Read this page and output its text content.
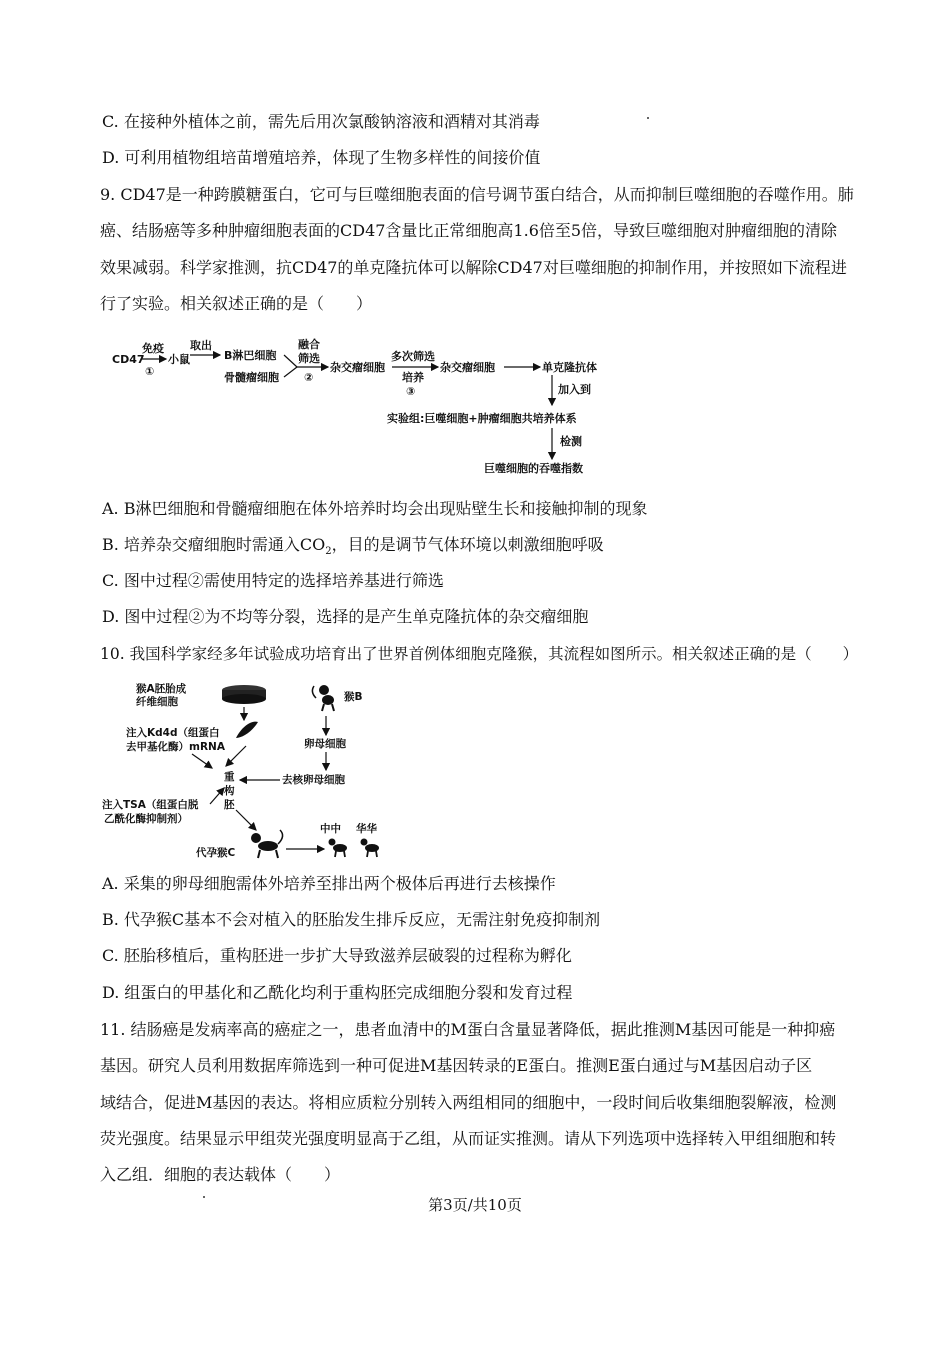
C. 在接种外植体之前，需先后用次氯酸钠溶液和酒精对其消毒
D. 可利用植物组培苗增殖培养，体现了生物多样性的间接价值
9. CD47是一种跨膜糖蛋白，它可与巨噬细胞表面的信号调节蛋白结合，从而抑制巨噬细胞的吞噬作用。肺
癌、结肠癌等多种肿瘤细胞表面的CD47含量比正常细胞高1.6倍至5倍，导致巨噬细胞对肿瘤细胞的清除
效果减弱。科学家推测，抗CD47的单克隆抗体可以解除CD47对巨噬细胞的抑制作用，并按照如下流程进
行了实验。相关叙述正确的是（　　）
CD47
免疫
①
小鼠
取出
B淋巴细胞
骨髓瘤细胞
融合
筛选
②
杂交瘤细胞
多次筛选
培养
③
杂交瘤细胞	单克隆抗体
加入到
实验组:巨噬细胞+肿瘤细胞共培养体系
检测
巨噬细胞的吞噬指数
A. B淋巴细胞和骨髓瘤细胞在体外培养时均会出现贴壁生长和接触抑制的现象
B. 培养杂交瘤细胞时需通入$CO_2$，目的是调节气体环境以刺激细胞呼吸
C. 图中过程②需使用特定的选择培养基进行筛选
D. 图中过程②为不均等分裂，选择的是产生单克隆抗体的杂交瘤细胞
10. 我国科学家经多年试验成功培育出了世界首例体细胞克隆猴，其流程如图所示。相关叙述正确的是（　　）
猴A胚胎成
纤维细胞	猴B
注入Kd4d（组蛋白
去甲基化酶）mRNA	卵母细胞
重
构
胚
去核卵母细胞
注入TSA（组蛋白脱
乙酰化酶抑制剂）
代孕猴C
中中 华华
A. 采集的卵母细胞需体外培养至排出两个极体后再进行去核操作
B. 代孕猴C基本不会对植入的胚胎发生排斥反应，无需注射免疫抑制剂
C. 胚胎移植后，重构胚进一步扩大导致滋养层破裂的过程称为孵化
D. 组蛋白的甲基化和乙酰化均利于重构胚完成细胞分裂和发育过程
11. 结肠癌是发病率高的癌症之一，患者血清中的M蛋白含量显著降低，据此推测M基因可能是一种抑癌
基因。研究人员利用数据库筛选到一种可促进M基因转录的E蛋白。推测E蛋白通过与M基因启动子区
域结合，促进M基因的表达。将相应质粒分别转入两组相同的细胞中，一段时间后收集细胞裂解液，检测
荧光强度。结果显示甲组荧光强度明显高于乙组，从而证实推测。请从下列选项中选择转入甲组细胞和转
入乙组．细胞的表达载体（　　）
第3页/共10页
